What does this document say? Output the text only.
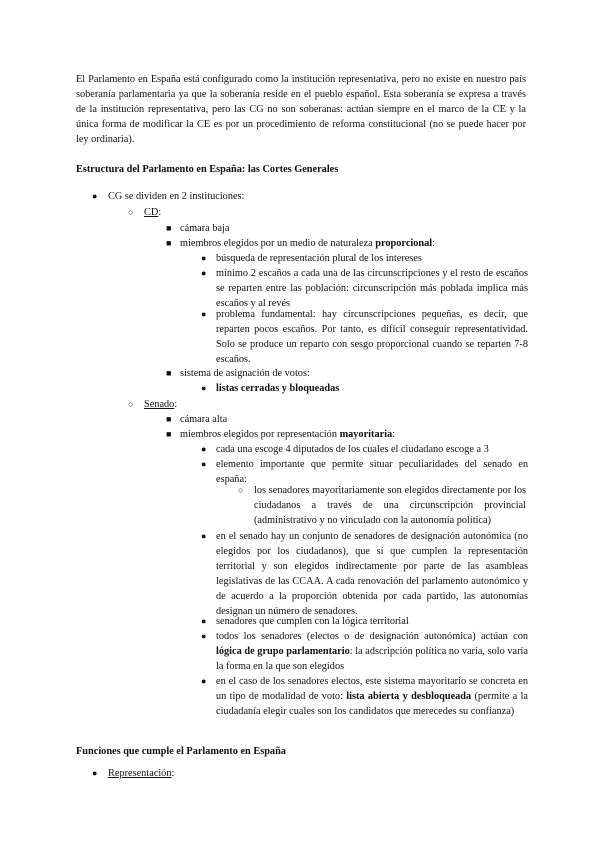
El Parlamento en España está configurado como la institución representativa, pero no existe en nuestro país soberanía parlamentaria ya que la soberanía reside en el pueblo español. Esta soberanía se expresa a través de la institución representativa, pero las CG no son soberanas: actúan siempre en el marco de la CE y la única forma de modificar la CE es por un procedimiento de reforma constitucional (no se puede hacer por ley ordinaria).
Estructura del Parlamento en España: las Cortes Generales
● CG se dividen en 2 instituciones:
○ CD:
■ cámara baja
■ miembros elegidos por un medio de naturaleza proporcional:
● búsqueda de representación plural de los intereses
● mínimo 2 escaños a cada una de las circunscripciones y el resto de escaños se reparten entre las población: circunscripción más poblada implica más escaños y al revés
● problema fundamental: hay circunscripciones pequeñas, es decir, que reparten pocos escaños. Por tanto, es difícil conseguir representatividad. Solo se produce un reparto con sesgo proporcional cuando se reparten 7-8 escaños.
■ sistema de asignación de votos:
● listas cerradas y bloqueadas
○ Senado:
■ cámara alta
■ miembros elegidos por representación mayoritaria:
● cada una escoge 4 diputados de los cuales el ciudadano escoge a 3
● elemento importante que permite situar peculiaridades del senado en españa:
○ los senadores mayoritariamente son elegidos directamente por los ciudadanos a través de una circunscripción provincial (administrativo y no vinculado con la autonomía política)
● en el senado hay un conjunto de senadores de designación autonómica (no elegidos por los ciudadanos), que sí que cumplen la representación territorial y son elegidos indirectamente por parte de las asambleas legislativas de las CCAA. A cada renovación del parlamento autonómico y de acuerdo a la proporción obtenida por cada partido, las autonomías designan un número de senadores.
● senadores que cumplen con la lógica territorial
● todos los senadores (electos o de designación autonómica) actúan con lógica de grupo parlamentario: la adscripción política no varía, solo varía la forma en la que son elegidos
● en el caso de los senadores electos, este sistema mayoritario se concreta en un tipo de modalidad de voto: lista abierta y desbloqueada (permite a la ciudadanía elegir cuales son los candidatos que merecedes su confianza)
Funciones que cumple el Parlamento en España
● Representación:
